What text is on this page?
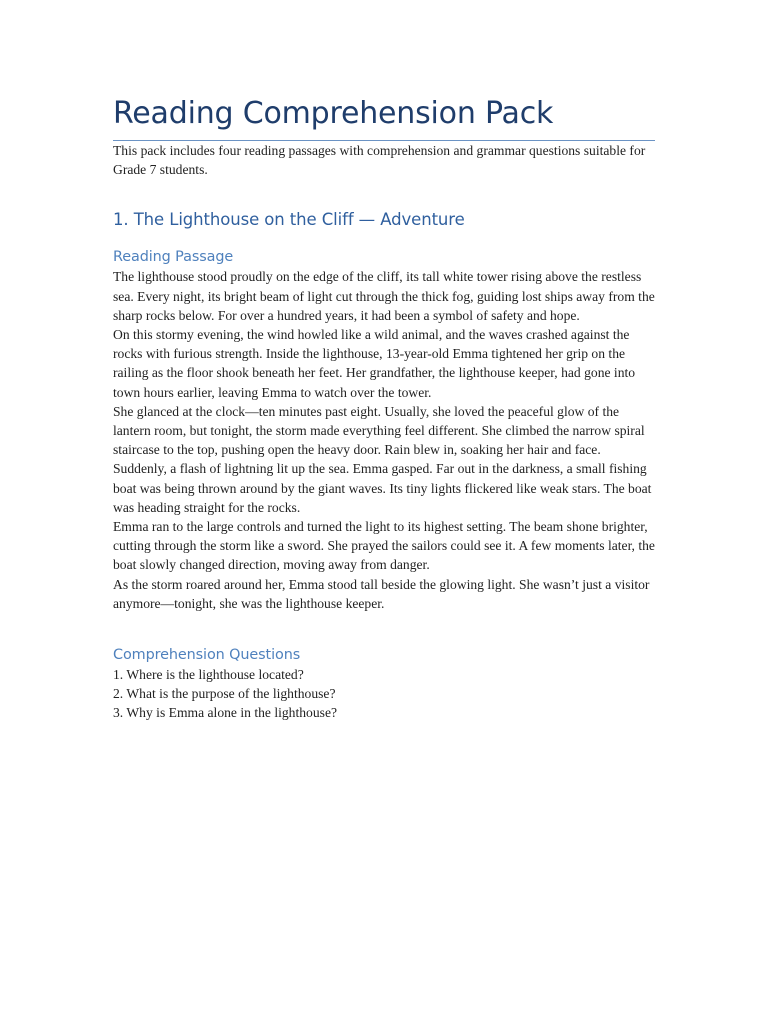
Reading Comprehension Pack

This pack includes four reading passages with comprehension and grammar questions suitable for Grade 7 students.

1. The Lighthouse on the Cliff — Adventure
Reading Passage

The lighthouse stood proudly on the edge of the cliff, its tall white tower rising above the restless sea. Every night, its bright beam of light cut through the thick fog, guiding lost ships away from the sharp rocks below. For over a hundred years, it had been a symbol of safety and hope.

On this stormy evening, the wind howled like a wild animal, and the waves crashed against the rocks with furious strength. Inside the lighthouse, 13-year-old Emma tightened her grip on the railing as the floor shook beneath her feet. Her grandfather, the lighthouse keeper, had gone into town hours earlier, leaving Emma to watch over the tower.

She glanced at the clock—ten minutes past eight. Usually, she loved the peaceful glow of the lantern room, but tonight, the storm made everything feel different. She climbed the narrow spiral staircase to the top, pushing open the heavy door. Rain blew in, soaking her hair and face.

Suddenly, a flash of lightning lit up the sea. Emma gasped. Far out in the darkness, a small fishing boat was being thrown around by the giant waves. Its tiny lights flickered like weak stars. The boat was heading straight for the rocks.

Emma ran to the large controls and turned the light to its highest setting. The beam shone brighter, cutting through the storm like a sword. She prayed the sailors could see it. A few moments later, the boat slowly changed direction, moving away from danger.

As the storm roared around her, Emma stood tall beside the glowing light. She wasn’t just a visitor anymore—tonight, she was the lighthouse keeper.

Comprehension Questions

1. Where is the lighthouse located?

2. What is the purpose of the lighthouse?

3. Why is Emma alone in the lighthouse?
